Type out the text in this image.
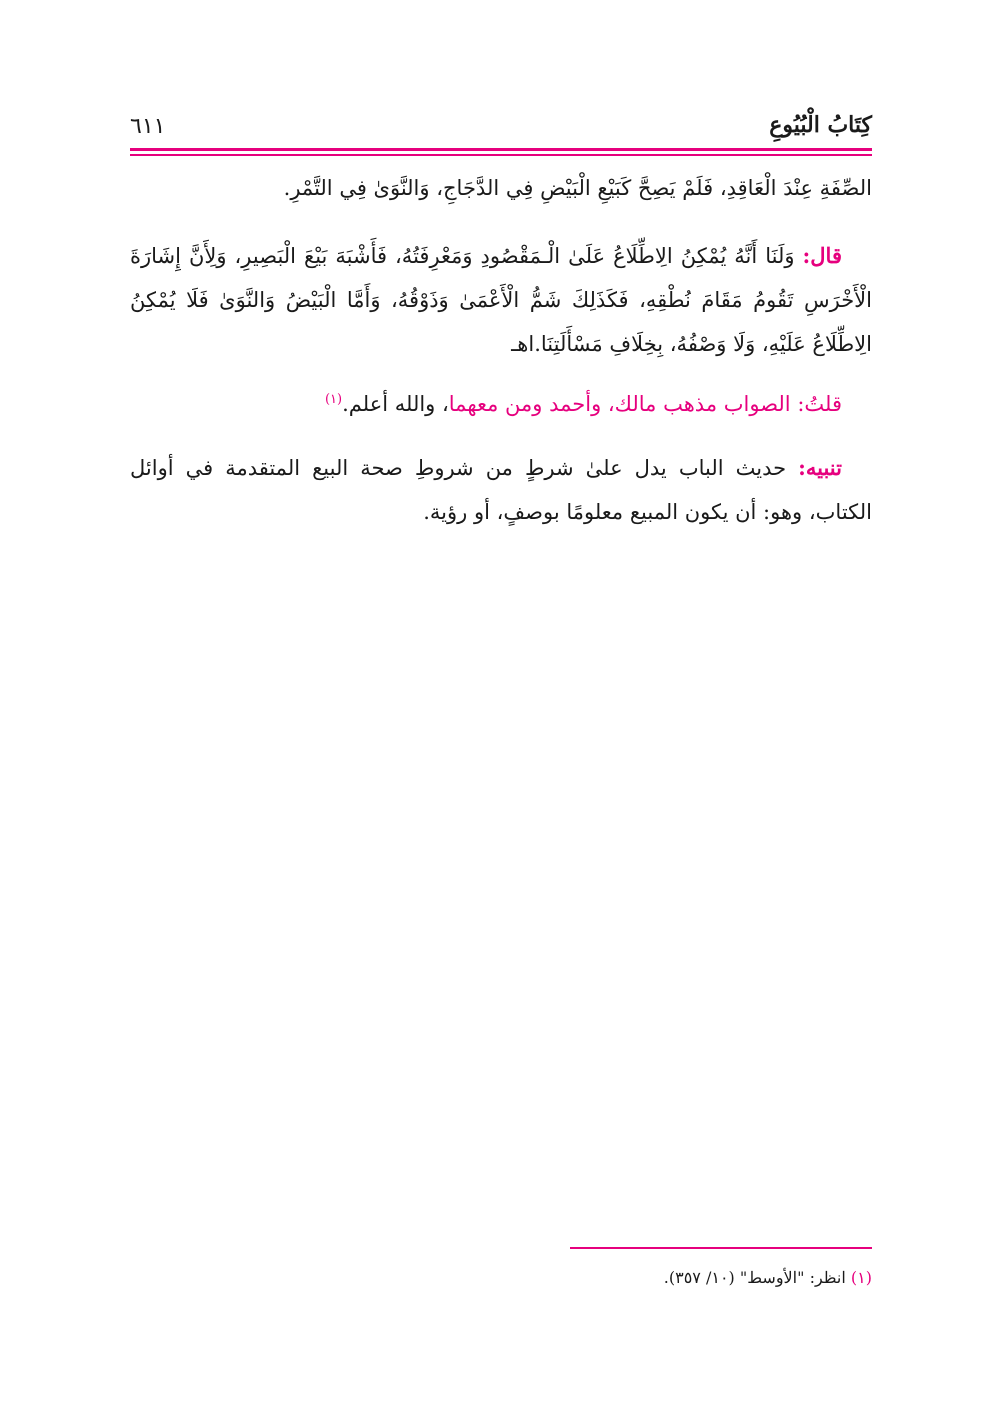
كِتَابُ الْبُيُوعِ
٦١١

الصِّفَةِ عِنْدَ الْعَاقِدِ، فَلَمْ يَصِحَّ كَبَيْعِ الْبَيْضِ فِي الدَّجَاجِ، وَالنَّوَىٰ فِي التَّمْرِ.

قال: وَلَنَا أَنَّهُ يُمْكِنُ الِاطِّلَاعُ عَلَىٰ الْـمَقْصُودِ وَمَعْرِفَتُهُ، فَأَشْبَهَ بَيْعَ الْبَصِيرِ، وَلِأَنَّ إِشَارَةَ الْأَخْرَسِ تَقُومُ مَقَامَ نُطْقِهِ، فَكَذَلِكَ شَمُّ الْأَعْمَىٰ وَذَوْقُهُ، وَأَمَّا الْبَيْضُ وَالنَّوَىٰ فَلَا يُمْكِنُ الِاطِّلَاعُ عَلَيْهِ، وَلَا وَصْفُهُ، بِخِلَافِ مَسْأَلَتِنَا.اهـ

قلتُ: الصواب مذهب مالك، وأحمد ومن معهما، والله أعلم.$^{(١)}$

تنبيه: حديث الباب يدل علىٰ شرطٍ من شروطِ صحة البيع المتقدمة في أوائل الكتاب، وهو: أن يكون المبيع معلومًا بوصفٍ، أو رؤية.

(١) انظر: "الأوسط" (١٠/ ٣٥٧).
